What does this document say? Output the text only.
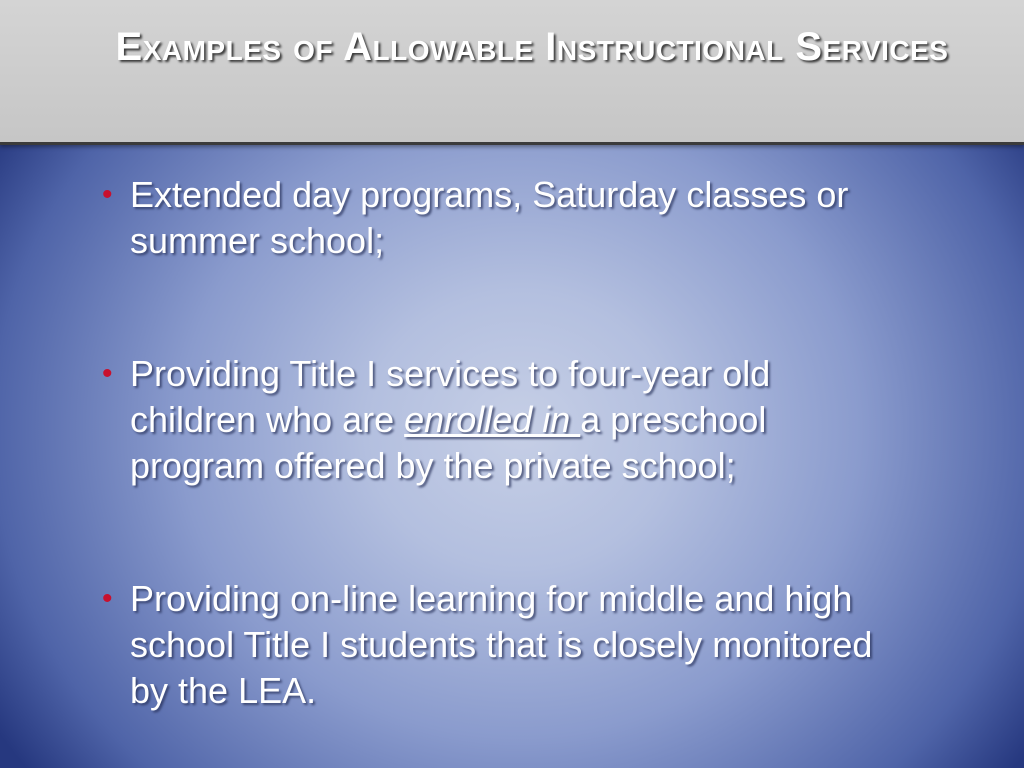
Examples of Allowable Instructional Services
• Extended day programs, Saturday classes or summer school;
• Providing Title I services to four-year old children who are enrolled in a preschool program offered by the private school;
• Providing on-line learning for middle and high school Title I students that is closely monitored by the LEA.
